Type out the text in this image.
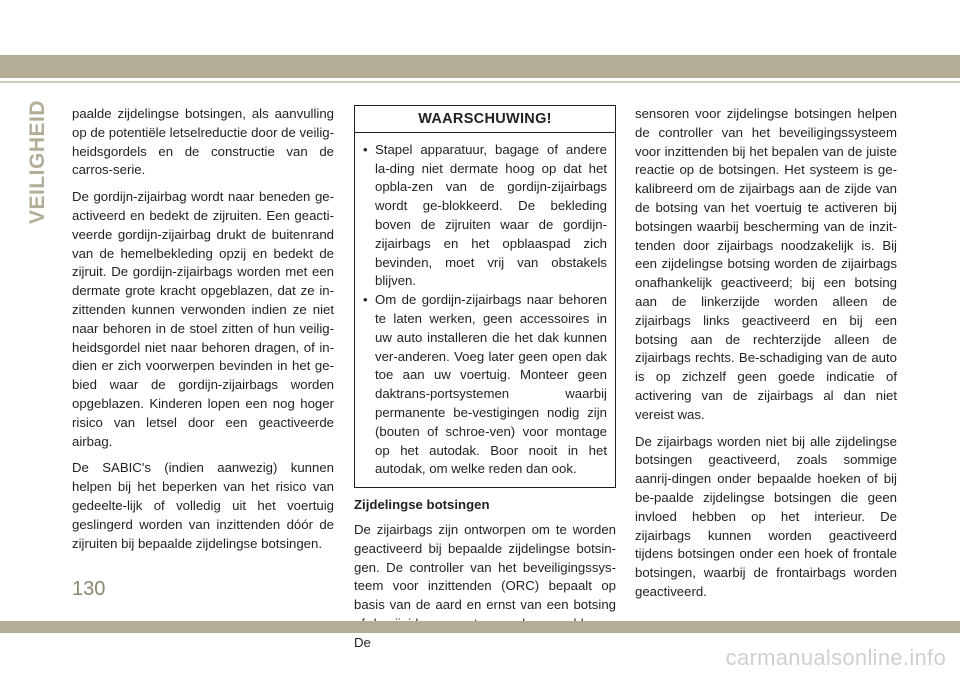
VEILIGHEID paalde zijdelingse botsingen, als aanvulling op de potentiële letselreductie door de veilig-heidsgordels en de constructie van de carros-serie.

De gordijn-zijairbag wordt naar beneden ge-activeerd en bedekt de zijruiten. Een geacti-veerde gordijn-zijairbag drukt de buitenrand van de hemelbekleding opzij en bedekt de zijruit. De gordijn-zijairbags worden met een dermate grote kracht opgeblazen, dat ze in-zittenden kunnen verwonden indien ze niet naar behoren in de stoel zitten of hun veilig-heidsgordel niet naar behoren dragen, of in-dien er zich voorwerpen bevinden in het ge-bied waar de gordijn-zijairbags worden opgeblazen. Kinderen lopen een nog hoger risico van letsel door een geactiveerde airbag.

De SABIC's (indien aanwezig) kunnen helpen bij het beperken van het risico van gedeelte-lijk of volledig uit het voertuig geslingerd worden van inzittenden dóór de zijruiten bij bepaalde zijdelingse botsingen.

WAARSCHUWING!
• Stapel apparatuur, bagage of andere la-ding niet dermate hoog op dat het opbla-zen van de gordijn-zijairbags wordt ge-blokkeerd. De bekleding boven de zijruiten waar de gordijn-zijairbags en het opblaaspad zich bevinden, moet vrij van obstakels blijven.
• Om de gordijn-zijairbags naar behoren te laten werken, geen accessoires in uw auto installeren die het dak kunnen ver-anderen. Voeg later geen open dak toe aan uw voertuig. Monteer geen daktrans-portsystemen waarbij permanente be-vestigingen nodig zijn (bouten of schroe-ven) voor montage op het autodak. Boor nooit in het autodak, om welke reden dan ook.

Zijdelingse botsingen

De zijairbags zijn ontworpen om te worden geactiveerd bij bepaalde zijdelingse botsin-gen. De controller van het beveiligingssys-teem voor inzittenden (ORC) bepaalt op basis van de aard en ernst van een botsing De

sensoren voor zijdelingse botsingen helpen de controller van het beveiligingssysteem voor inzittenden bij het bepalen van de juiste reactie op de botsingen. Het systeem is ge-kalibreerd om de zijairbags aan de zijde van de botsing van het voertuig te activeren bij botsingen waarbij bescherming van de inzit-tenden door zijairbags noodzakelijk is. Bij een zijdelingse botsing worden de zijairbags onafhankelijk geactiveerd; bij een botsing aan de linkerzijde worden alleen de zijairbags links geactiveerd en bij een botsing aan de rechterzijde alleen de zijairbags rechts. Be-schadiging van de auto is op zichzelf geen goede indicatie of activering van de zijairbags al dan niet vereist was.

De zijairbags worden niet bij alle zijdelingse botsingen geactiveerd, zoals sommige aanrij-dingen onder bepaalde hoeken of bij be-paalde zijdelingse botsingen die geen invloed hebben op het interieur. De zijairbags kunnen worden geactiveerd tijdens botsingen onder een hoek of frontale botsingen, waarbij de frontairbags worden geactiveerd.

130
carmanualsonline.info
